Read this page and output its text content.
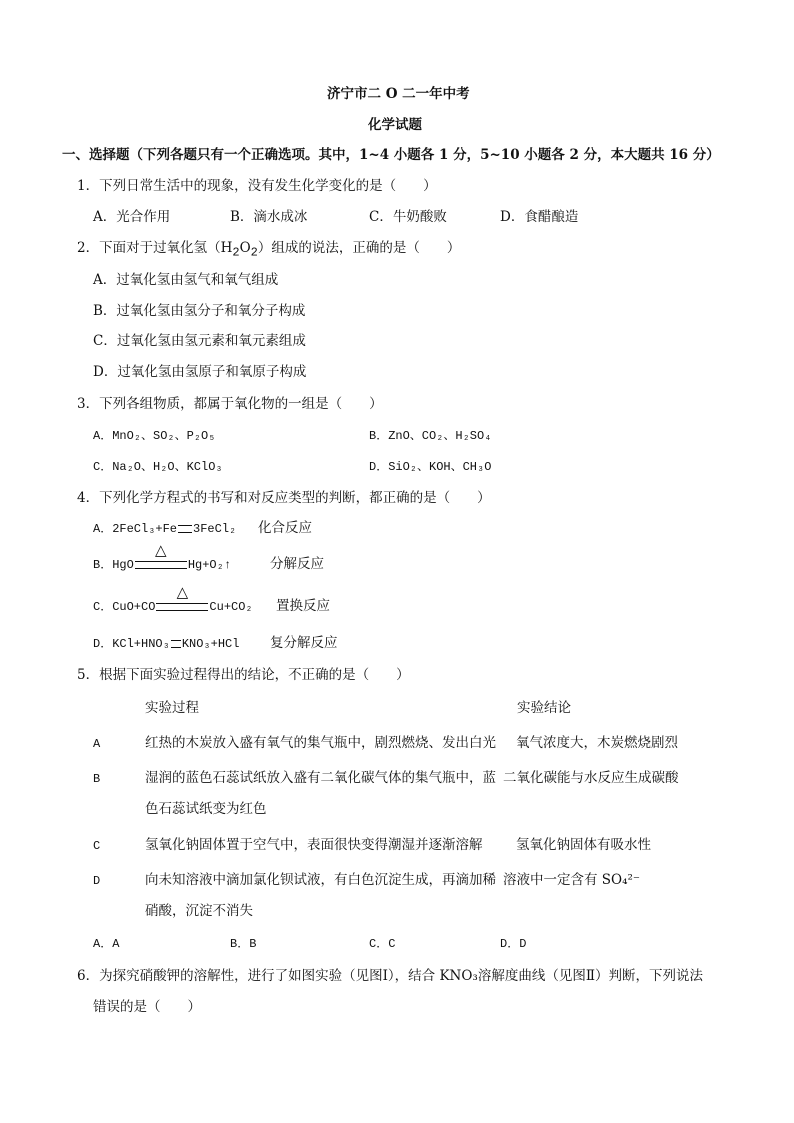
济宁市二 O 二一年中考
化学试题
一、选择题（下列各题只有一个正确选项。其中，1~4 小题各 1 分，5~10 小题各 2 分，本大题共 16 分）
1．下列日常生活中的现象，没有发生化学变化的是（　　）
A．光合作用	B．滴水成冰	C．牛奶酸败	D．食醋酿造
2．下面对于过氧化氢$(H_2O_2)$组成的说法，正确的是（　　）
A．过氧化氢由氢气和氧气组成
B．过氧化氢由氢分子和氧分子构成
C．过氧化氢由氢元素和氧元素组成
D．过氧化氢由氢原子和氧原子构成
3．下列各组物质，都属于氧化物的一组是（　　）
A．MnO₂、SO₂、P₂O₅	B．ZnO、CO₂、H₂SO₄
C．Na₂O、H₂O、KClO₃	D．SiO₂、KOH、CH₃O
4．下列化学方程式的书写和对反应类型的判断，都正确的是（　　）
A．2FeCl₃+Fe 3FeCl₂ 化合反应
B．HgO
△
Hg+O₂↑	分解反应
C．CuO+CO
△
Cu+CO₂ 置换反应
D．KCl+HNO₃ KNO₃+HCl 复分解反应
5．根据下面实验过程得出的结论，不正确的是（　　）
实验过程	实验结论
A	红热的木炭放入盛有氧气的集气瓶中，剧烈燃烧、发出白光 氧气浓度大，木炭燃烧剧烈
B	湿润的蓝色石蕊试纸放入盛有二氧化碳气体的集气瓶中，蓝 二氧化碳能与水反应生成碳酸
色石蕊试纸变为红色
C	氢氧化钠固体置于空气中，表面很快变得潮湿并逐渐溶解 氢氧化钠固体有吸水性
D	向未知溶液中滴加氯化钡试液，有白色沉淀生成，再滴加稀 溶液中一定含有 SO₄²⁻
硝酸，沉淀不消失
A．A	B．B	C．C	D．D
6．为探究硝酸钾的溶解性，进行了如图实验（见图Ⅰ），结合 KNO₃溶解度曲线（见图Ⅱ）判断，下列说法
错误的是（　　）
